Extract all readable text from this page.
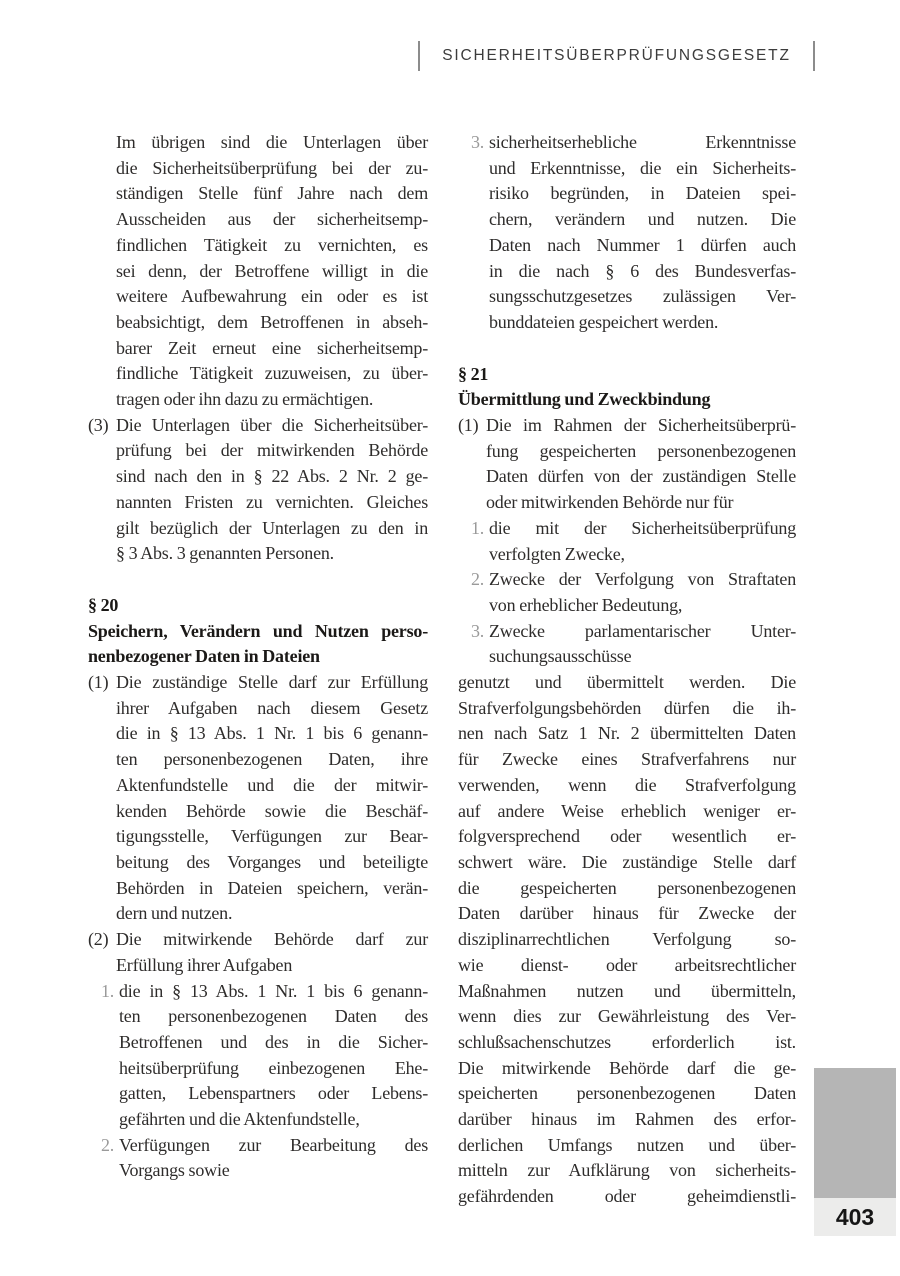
SICHERHEITSÜBERPRÜFUNGSGESETZ
Im übrigen sind die Unterlagen über
die Sicherheitsüberprüfung bei der zu-
ständigen Stelle fünf Jahre nach dem
Ausscheiden aus der sicherheitsemp-
findlichen Tätigkeit zu vernichten, es
sei denn, der Betroffene willigt in die
weitere Aufbewahrung ein oder es ist
beabsichtigt, dem Betroffenen in abseh-
barer Zeit erneut eine sicherheitsemp-
findliche Tätigkeit zuzuweisen, zu über-
tragen oder ihn dazu zu ermächtigen.
(3) Die Unterlagen über die Sicherheitsüber-
prüfung bei der mitwirkenden Behörde
sind nach den in § 22 Abs. 2 Nr. 2 ge-
nannten Fristen zu vernichten. Gleiches
gilt bezüglich der Unterlagen zu den in
§ 3 Abs. 3 genannten Personen.
§ 20
Speichern, Verändern und Nutzen perso-
nenbezogener Daten in Dateien
(1) Die zuständige Stelle darf zur Erfüllung
ihrer Aufgaben nach diesem Gesetz
die in § 13 Abs. 1 Nr. 1 bis 6 genann-
ten personenbezogenen Daten, ihre
Aktenfundstelle und die der mitwir-
kenden Behörde sowie die Beschäf-
tigungsstelle, Verfügungen zur Bear-
beitung des Vorganges und beteiligte
Behörden in Dateien speichern, verän-
dern und nutzen.
(2) Die mitwirkende Behörde darf zur
Erfüllung ihrer Aufgaben
1. die in § 13 Abs. 1 Nr. 1 bis 6 genann-
ten personenbezogenen Daten des
Betroffenen und des in die Sicher-
heitsüberprüfung einbezogenen Ehe-
gatten, Lebenspartners oder Lebens-
gefährten und die Aktenfundstelle,
2. Verfügungen zur Bearbeitung des
Vorgangs sowie
3. sicherheitserhebliche Erkenntnisse
und Erkenntnisse, die ein Sicherheits-
risiko begründen, in Dateien spei-
chern, verändern und nutzen. Die
Daten nach Nummer 1 dürfen auch
in die nach § 6 des Bundesverfas-
sungsschutzgesetzes zulässigen Ver-
bunddateien gespeichert werden.
§ 21
Übermittlung und Zweckbindung
(1) Die im Rahmen der Sicherheitsüberprü-
fung gespeicherten personenbezogenen
Daten dürfen von der zuständigen Stelle
oder mitwirkenden Behörde nur für
1. die mit der Sicherheitsüberprüfung
verfolgten Zwecke,
2. Zwecke der Verfolgung von Straftaten
von erheblicher Bedeutung,
3. Zwecke parlamentarischer Unter-
suchungsausschüsse
genutzt und übermittelt werden. Die
Strafverfolgungsbehörden dürfen die ih-
nen nach Satz 1 Nr. 2 übermittelten Daten
für Zwecke eines Strafverfahrens nur
verwenden, wenn die Strafverfolgung
auf andere Weise erheblich weniger er-
folgversprechend oder wesentlich er-
schwert wäre. Die zuständige Stelle darf
die gespeicherten personenbezogenen
Daten darüber hinaus für Zwecke der
disziplinarrechtlichen Verfolgung so-
wie dienst- oder arbeitsrechtlicher
Maßnahmen nutzen und übermitteln,
wenn dies zur Gewährleistung des Ver-
schlußsachenschutzes erforderlich ist.
Die mitwirkende Behörde darf die ge-
speicherten personenbezogenen Daten
darüber hinaus im Rahmen des erfor-
derlichen Umfangs nutzen und über-
mitteln zur Aufklärung von sicherheits-
gefährdenden oder geheimdienstli-
403
